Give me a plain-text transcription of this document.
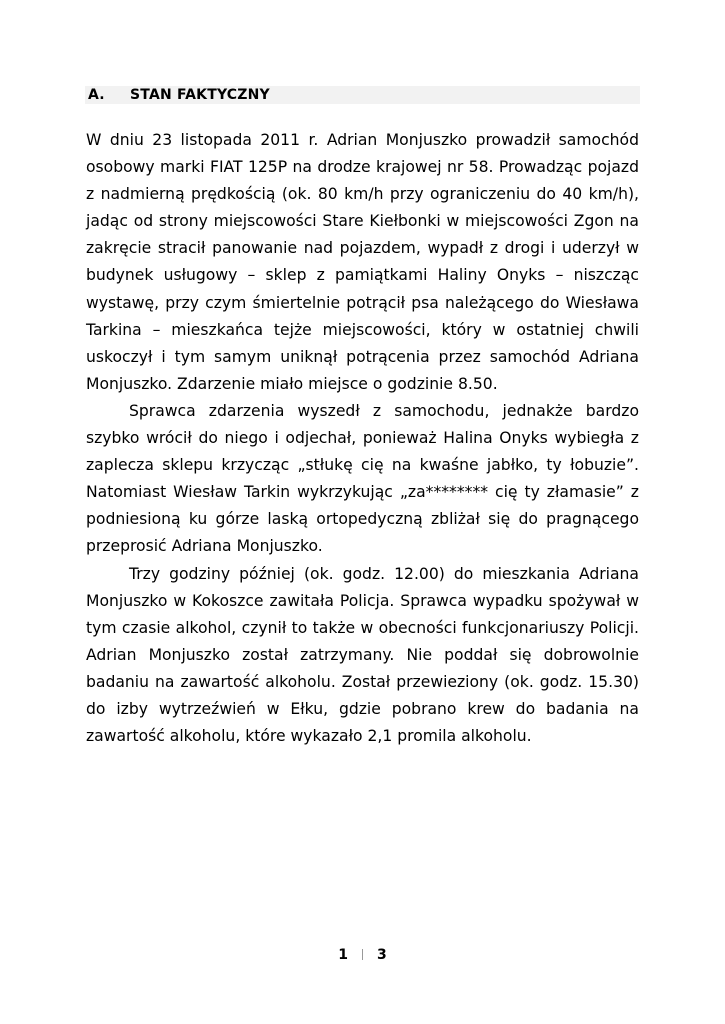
A. STAN FAKTYCZNY

W dniu 23 listopada 2011 r. Adrian Monjuszko prowadził samochód osobowy marki FIAT 125P na drodze krajowej nr 58. Prowadząc pojazd z nadmierną prędkością (ok. 80 km/h przy ograniczeniu do 40 km/h), jadąc od strony miejscowości Stare Kiełbonki w miejscowości Zgon na zakręcie stracił panowanie nad pojazdem, wypadł z drogi i uderzył w budynek usługowy – sklep z pamiątkami Haliny Onyks – niszcząc wystawę, przy czym śmiertelnie potrącił psa należącego do Wiesława Tarkina – mieszkańca tejże miejscowości, który w ostatniej chwili uskoczył i tym samym uniknął potrącenia przez samochód Adriana Monjuszko. Zdarzenie miało miejsce o godzinie 8.50.

Sprawca zdarzenia wyszedł z samochodu, jednakże bardzo szybko wrócił do niego i odjechał, ponieważ Halina Onyks wybiegła z zaplecza sklepu krzycząc „stłukę cię na kwaśne jabłko, ty łobuzie”. Natomiast Wiesław Tarkin wykrzykując „za******** cię ty złamasie” z podniesioną ku górze laską ortopedyczną zbliżał się do pragnącego przeprosić Adriana Monjuszko.

Trzy godziny później (ok. godz. 12.00) do mieszkania Adriana Monjuszko w Kokoszce zawitała Policja. Sprawca wypadku spożywał w tym czasie alkohol, czynił to także w obecności funkcjonariuszy Policji. Adrian Monjuszko został zatrzymany. Nie poddał się dobrowolnie badaniu na zawartość alkoholu. Został przewieziony (ok. godz. 15.30) do izby wytrzeźwień w Ełku, gdzie pobrano krew do badania na zawartość alkoholu, które wykazało 2,1 promila alkoholu.

1 3
